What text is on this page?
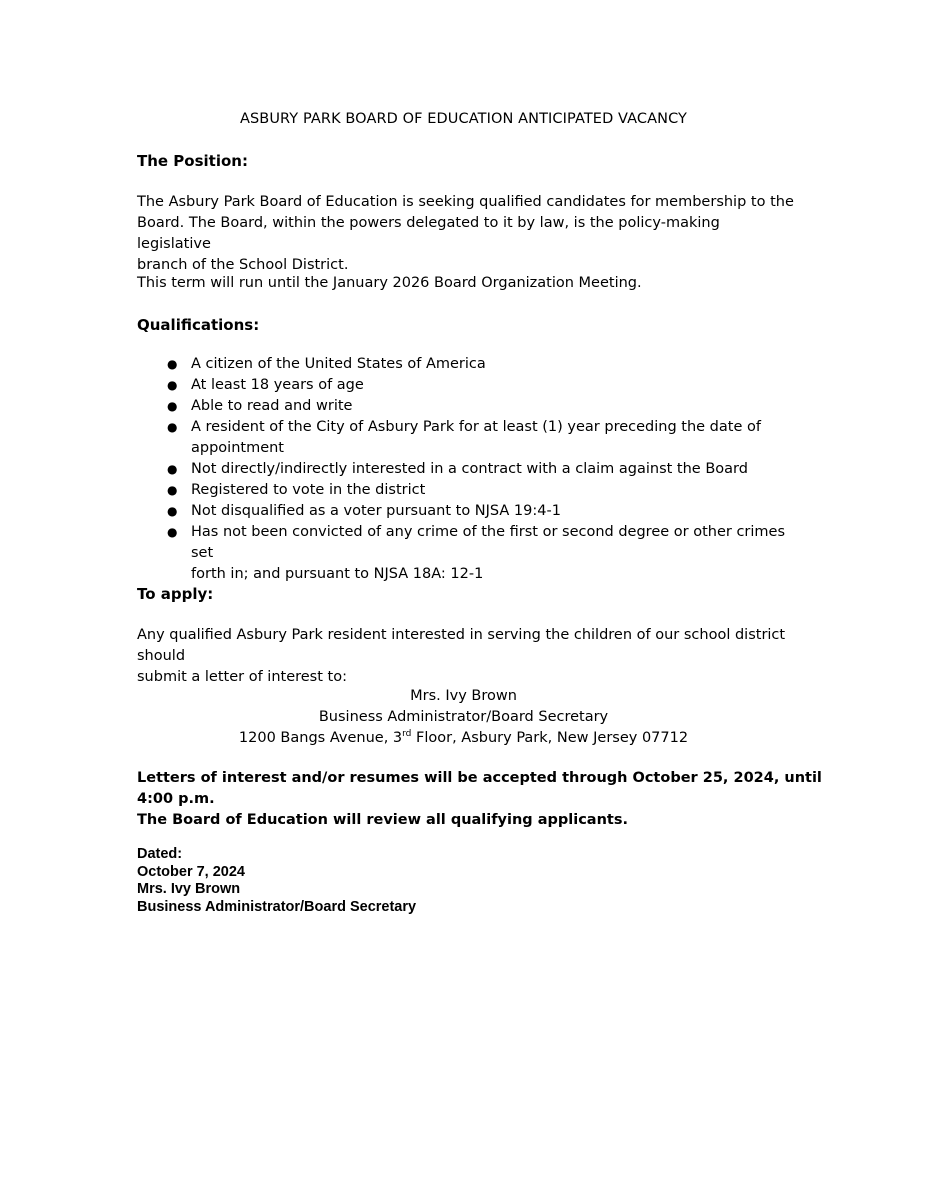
ASBURY PARK BOARD OF EDUCATION ANTICIPATED VACANCY
The Position:
The Asbury Park Board of Education is seeking qualified candidates for membership to the
Board. The Board, within the powers delegated to it by law, is the policy-making legislative
branch of the School District.
This term will run until the January 2026 Board Organization Meeting.
Qualifications:
● A citizen of the United States of America
● At least 18 years of age
● Able to read and write
● A resident of the City of Asbury Park for at least (1) year preceding the date of
appointment
● Not directly/indirectly interested in a contract with a claim against the Board
● Registered to vote in the district
● Not disqualified as a voter pursuant to NJSA 19:4-1
● Has not been convicted of any crime of the first or second degree or other crimes set
forth in; and pursuant to NJSA 18A: 12-1
To apply:
Any qualified Asbury Park resident interested in serving the children of our school district should
submit a letter of interest to:
Mrs. Ivy Brown
Business Administrator/Board Secretary
1200 Bangs Avenue, 3rd Floor, Asbury Park, New Jersey 07712
Letters of interest and/or resumes will be accepted through October 25, 2024, until 4:00 p.m.
The Board of Education will review all qualifying applicants.
Dated:
October 7, 2024
Mrs. Ivy Brown
Business Administrator/Board Secretary
